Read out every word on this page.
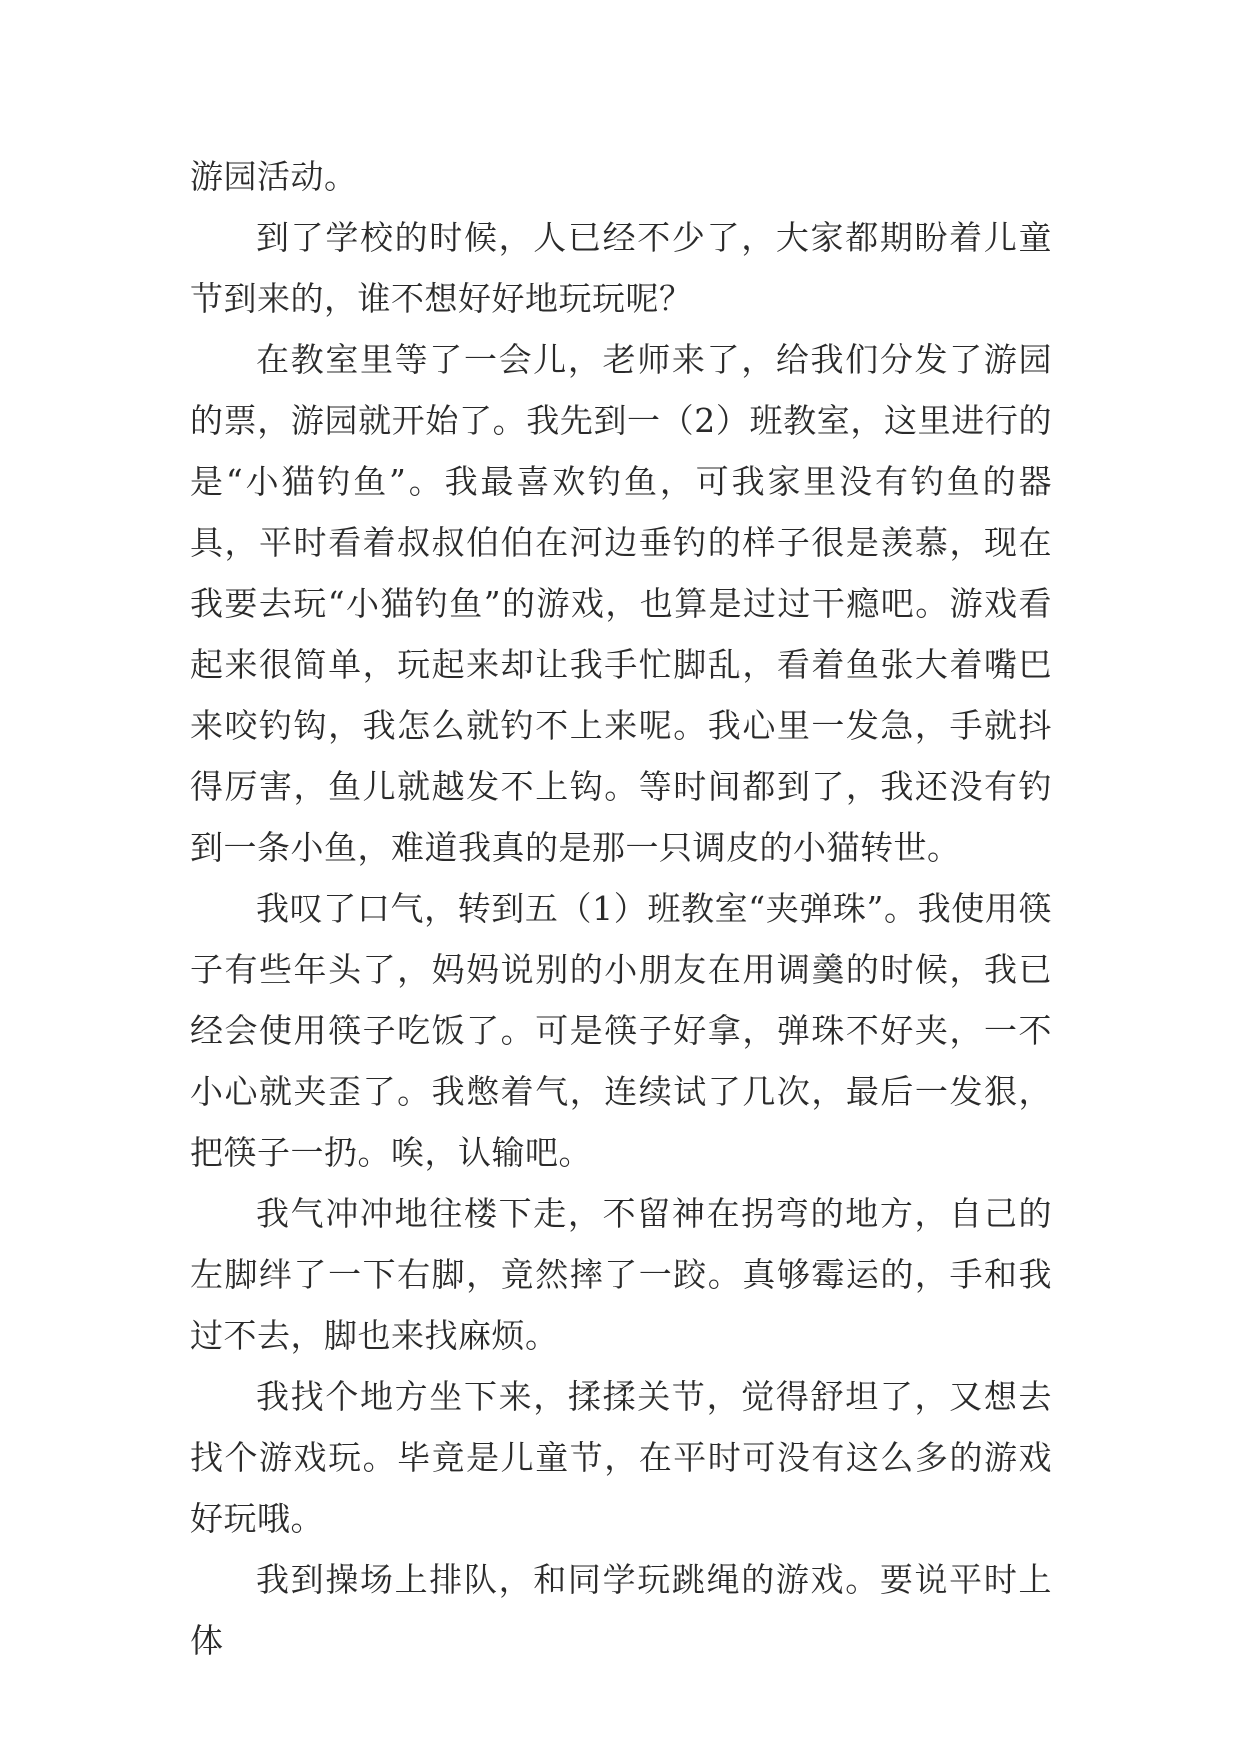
游园活动。

到了学校的时候，人已经不少了，大家都期盼着儿童节到来的，谁不想好好地玩玩呢？

在教室里等了一会儿，老师来了，给我们分发了游园的票，游园就开始了。我先到一（2）班教室，这里进行的是“小猫钓鱼”。我最喜欢钓鱼，可我家里没有钓鱼的器具，平时看着叔叔伯伯在河边垂钓的样子很是羡慕，现在我要去玩“小猫钓鱼”的游戏，也算是过过干瘾吧。游戏看起来很简单，玩起来却让我手忙脚乱，看着鱼张大着嘴巴来咬钓钩，我怎么就钓不上来呢。我心里一发急，手就抖得厉害，鱼儿就越发不上钩。等时间都到了，我还没有钓到一条小鱼，难道我真的是那一只调皮的小猫转世。

我叹了口气，转到五（1）班教室“夹弹珠”。我使用筷子有些年头了，妈妈说别的小朋友在用调羹的时候，我已经会使用筷子吃饭了。可是筷子好拿，弹珠不好夹，一不小心就夹歪了。我憋着气，连续试了几次，最后一发狠，把筷子一扔。唉，认输吧。

我气冲冲地往楼下走，不留神在拐弯的地方，自己的左脚绊了一下右脚，竟然摔了一跤。真够霉运的，手和我过不去，脚也来找麻烦。

我找个地方坐下来，揉揉关节，觉得舒坦了，又想去找个游戏玩。毕竟是儿童节，在平时可没有这么多的游戏好玩哦。

我到操场上排队，和同学玩跳绳的游戏。要说平时上体
